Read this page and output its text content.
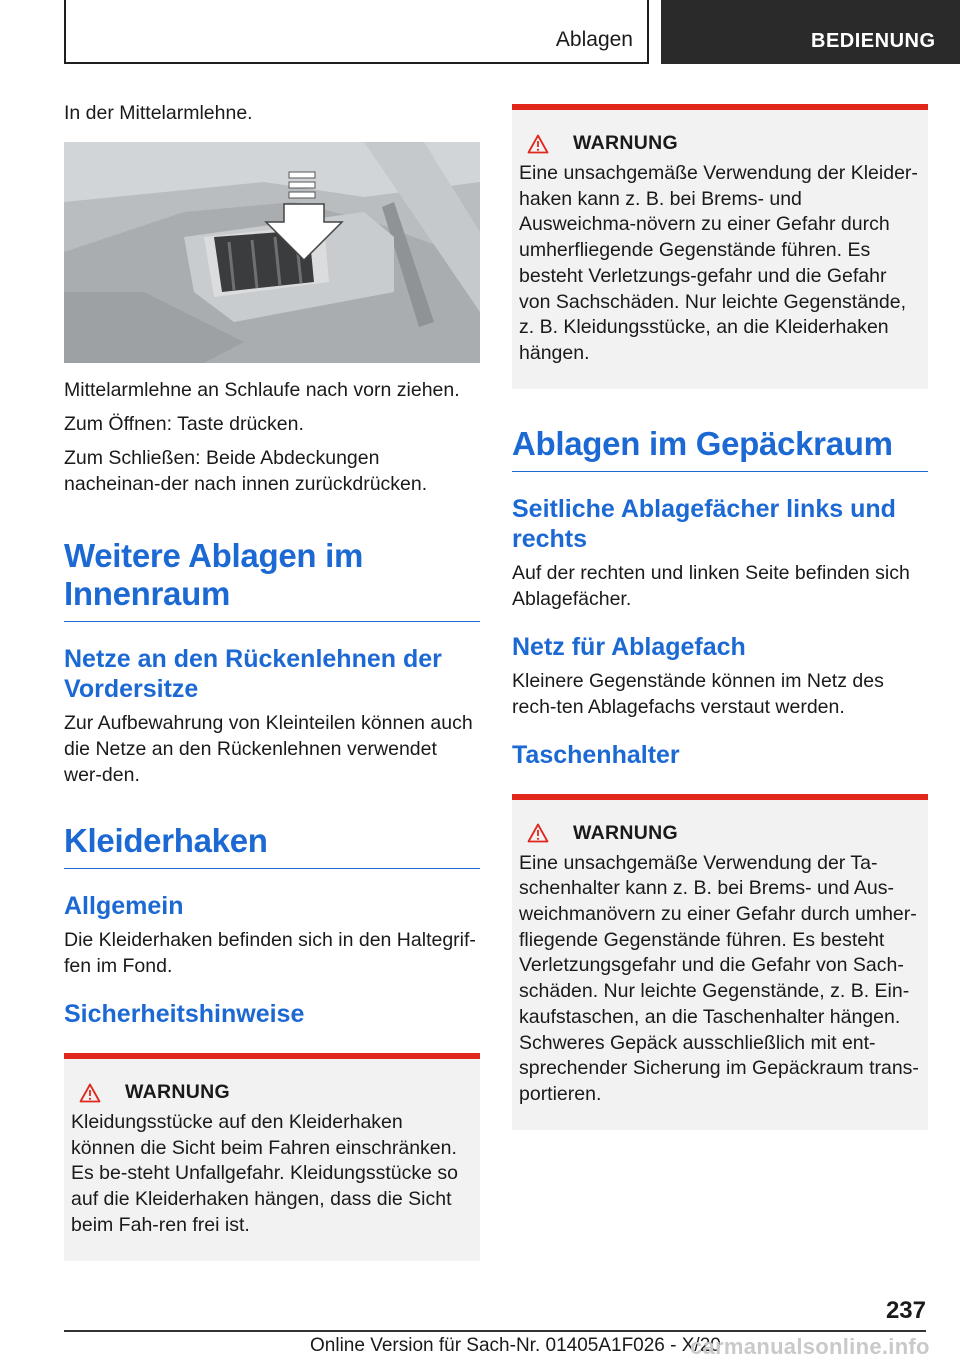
Ablagen	BEDIENUNG

In der Mittelarmlehne.

Mittelarmlehne an Schlaufe nach vorn ziehen.

Zum Öffnen: Taste drücken.

Zum Schließen: Beide Abdeckungen nacheinan-der nach innen zurückdrücken.

Weitere Ablagen im Innenraum
Netze an den Rückenlehnen der Vordersitze

Zur Aufbewahrung von Kleinteilen können auch die Netze an den Rückenlehnen verwendet wer-den.

Kleiderhaken
Allgemein

Die Kleiderhaken befinden sich in den Haltegrif-fen im Fond.

Sicherheitshinweise
WARNUNG

Kleidungsstücke auf den Kleiderhaken können die Sicht beim Fahren einschränken. Es be-steht Unfallgefahr. Kleidungsstücke so auf die Kleiderhaken hängen, dass die Sicht beim Fah-ren frei ist.

WARNUNG

Eine unsachgemäße Verwendung der Kleider-haken kann z. B. bei Brems- und Ausweichma-növern zu einer Gefahr durch umherfliegende Gegenstände führen. Es besteht Verletzungs-gefahr und die Gefahr von Sachschäden. Nur leichte Gegenstände, z. B. Kleidungsstücke, an die Kleiderhaken hängen.

Ablagen im Gepäckraum
Seitliche Ablagefächer links und rechts

Auf der rechten und linken Seite befinden sich Ablagefächer.

Netz für Ablagefach

Kleinere Gegenstände können im Netz des rech-ten Ablagefachs verstaut werden.

Taschenhalter
WARNUNG

Eine unsachgemäße Verwendung der Ta-schenhalter kann z. B. bei Brems- und Aus-weichmanövern zu einer Gefahr durch umher-fliegende Gegenstände führen. Es besteht Verletzungsgefahr und die Gefahr von Sach-schäden. Nur leichte Gegenstände, z. B. Ein-kaufstaschen, an die Taschenhalter hängen. Schweres Gepäck ausschließlich mit ent-sprechender Sicherung im Gepäckraum trans-portieren.

237
Online Version für Sach-Nr. 01405A1F026 - X/20
carmanualsonline.info
